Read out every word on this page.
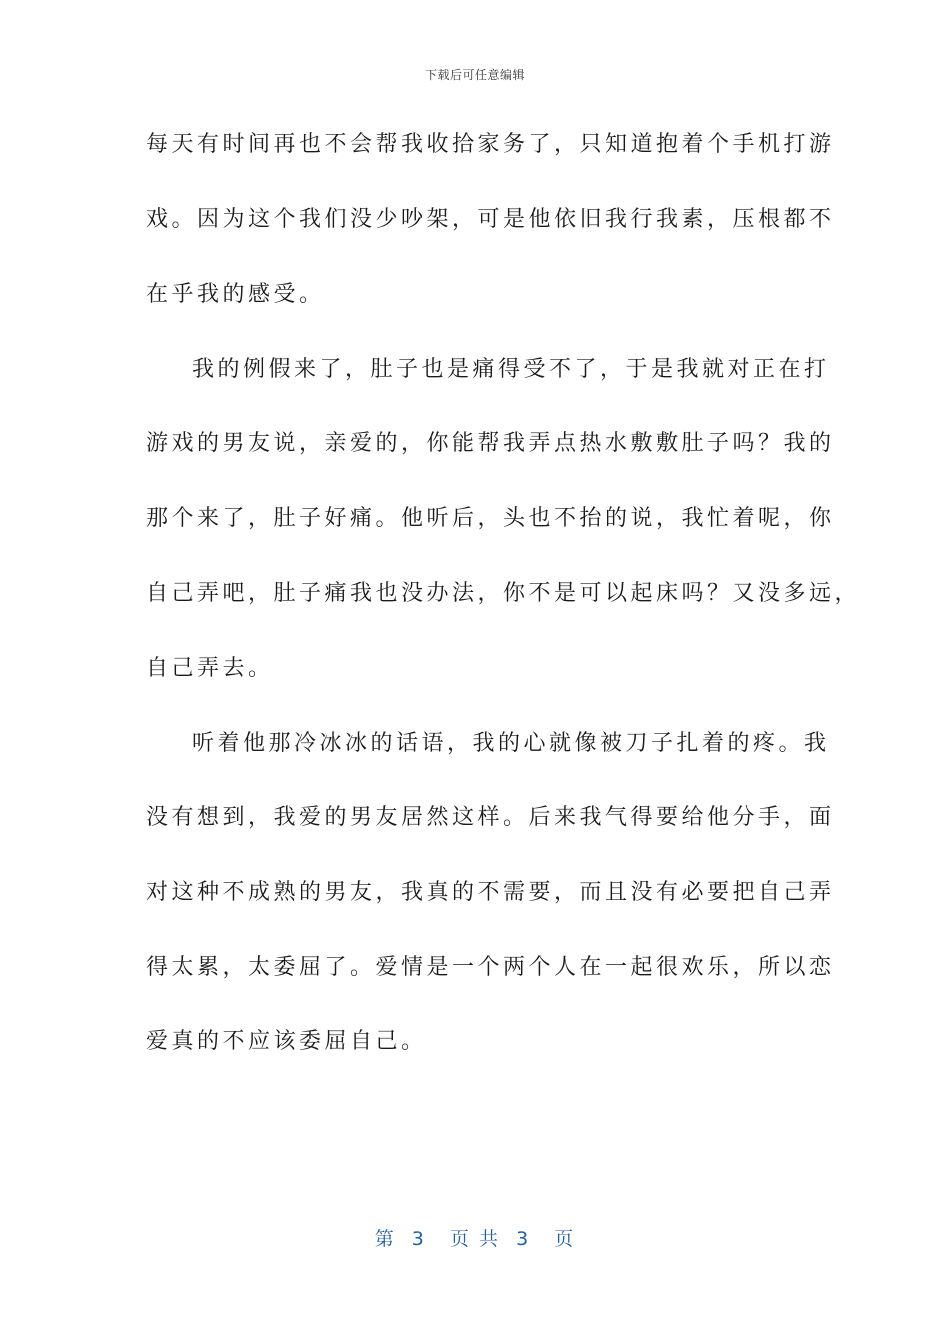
下载后可任意编辑
每天有时间再也不会帮我收拾家务了，只知道抱着个手机打游
戏。因为这个我们没少吵架，可是他依旧我行我素，压根都不
在乎我的感受。
我的例假来了，肚子也是痛得受不了，于是我就对正在打
游戏的男友说，亲爱的，你能帮我弄点热水敷敷肚子吗？我的
那个来了，肚子好痛。他听后，头也不抬的说，我忙着呢，你
自己弄吧，肚子痛我也没办法，你不是可以起床吗？又没多远，
自己弄去。
听着他那冷冰冰的话语，我的心就像被刀子扎着的疼。我
没有想到，我爱的男友居然这样。后来我气得要给他分手，面
对这种不成熟的男友，我真的不需要，而且没有必要把自己弄
得太累，太委屈了。爱情是一个两个人在一起很欢乐，所以恋
爱真的不应该委屈自己。
第  3   页 共  3   页
